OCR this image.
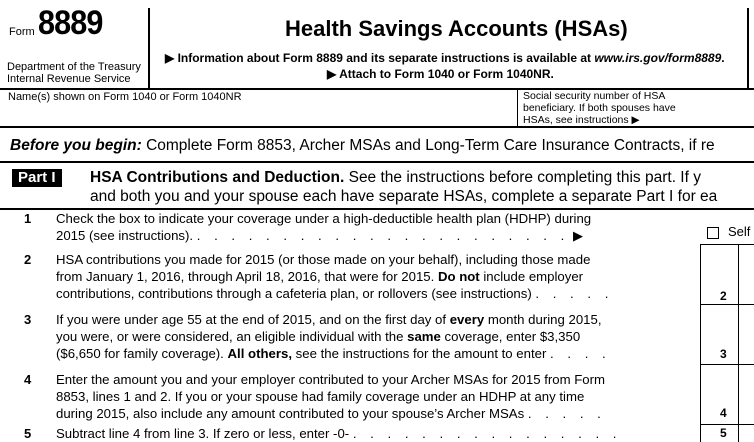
Form 8889
Department of the Treasury
Internal Revenue Service
Health Savings Accounts (HSAs)
▶ Information about Form 8889 and its separate instructions is available at www.irs.gov/form8889.
▶ Attach to Form 1040 or Form 1040NR.
Name(s) shown on Form 1040 or Form 1040NR	Social security number of HSA
beneficiary. If both spouses have
HSAs, see instructions ▶
Before you begin: Complete Form 8853, Archer MSAs and Long-Term Care Insurance Contracts, if re
Part I	HSA Contributions and Deduction. See the instructions before completing this part. If y
and both you and your spouse each have separate HSAs, complete a separate Part I for ea
1 Check the box to indicate your coverage under a high-deductible health plan (HDHP) during
2015 (see instructions). . . . . . . . . . . . . . . . . . . . . . . ▶	Self
2 HSA contributions you made for 2015 (or those made on your behalf), including those made
from January 1, 2016, through April 18, 2016, that were for 2015. Do not include employer
contributions, contributions through a cafeteria plan, or rollovers (see instructions) . . . . .	2
3 If you were under age 55 at the end of 2015, and on the first day of every month during 2015,
you were, or were considered, an eligible individual with the same coverage, enter $3,350
($6,650 for family coverage). All others, see the instructions for the amount to enter . . . .	3
4 Enter the amount you and your employer contributed to your Archer MSAs for 2015 from Form
8853, lines 1 and 2. If you or your spouse had family coverage under an HDHP at any time
during 2015, also include any amount contributed to your spouse’s Archer MSAs . . . . .	4
5 Subtract line 4 from line 3. If zero or less, enter -0- . . . . . . . . . . . . . . . .	5
